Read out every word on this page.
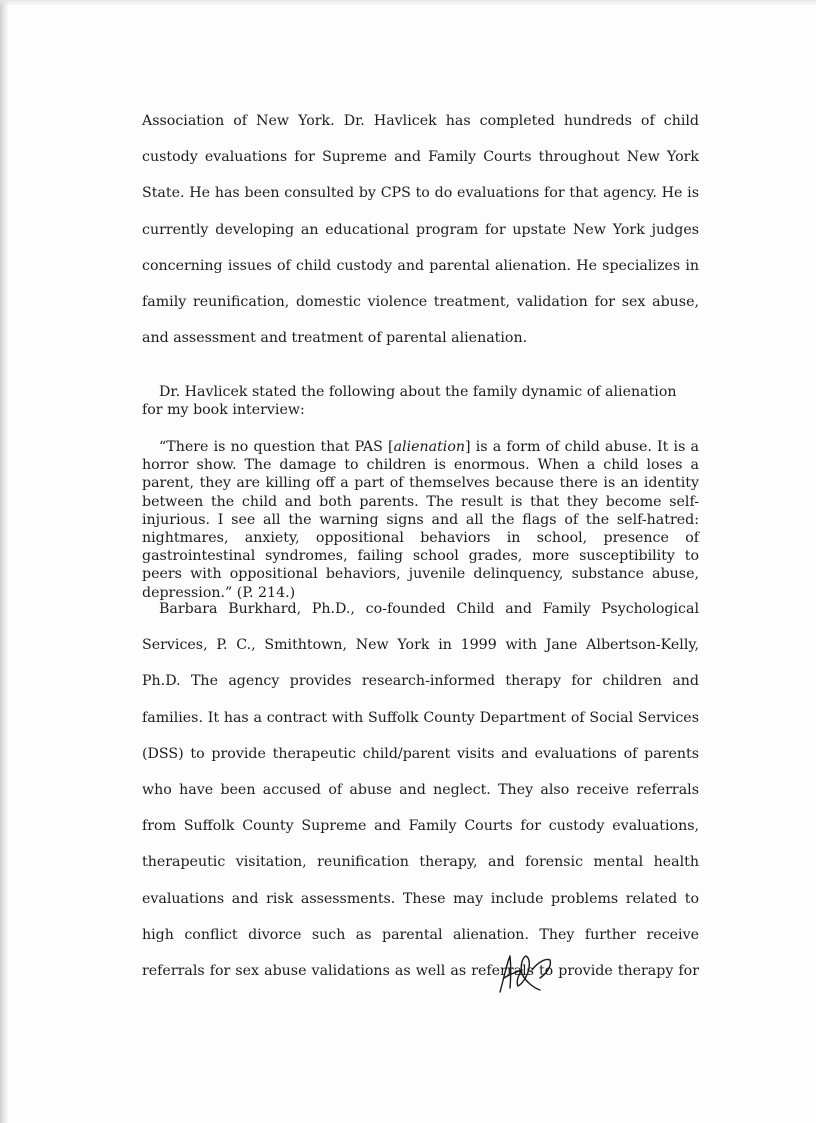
Association of New York. Dr. Havlicek has completed hundreds of child custody evaluations for Supreme and Family Courts throughout New York State. He has been consulted by CPS to do evaluations for that agency. He is currently developing an educational program for upstate New York judges concerning issues of child custody and parental alienation. He specializes in family reunification, domestic violence treatment, validation for sex abuse, and assessment and treatment of parental alienation.

Dr. Havlicek stated the following about the family dynamic of alienation for my book interview:

“There is no question that PAS [alienation] is a form of child abuse. It is a horror show. The damage to children is enormous. When a child loses a parent, they are killing off a part of themselves because there is an identity between the child and both parents. The result is that they become self-injurious. I see all the warning signs and all the flags of the self-hatred: nightmares, anxiety, oppositional behaviors in school, presence of gastrointestinal syndromes, failing school grades, more susceptibility to peers with oppositional behaviors, juvenile delinquency, substance abuse, depression.” (P. 214.)

Barbara Burkhard, Ph.D., co-founded Child and Family Psychological Services, P. C., Smithtown, New York in 1999 with Jane Albertson-Kelly, Ph.D. The agency provides research-informed therapy for children and families. It has a contract with Suffolk County Department of Social Services (DSS) to provide therapeutic child/parent visits and evaluations of parents who have been accused of abuse and neglect. They also receive referrals from Suffolk County Supreme and Family Courts for custody evaluations, therapeutic visitation, reunification therapy, and forensic mental health evaluations and risk assessments. These may include problems related to high conflict divorce such as parental alienation. They further receive referrals for sex abuse validations as well as referrals to provide therapy for
